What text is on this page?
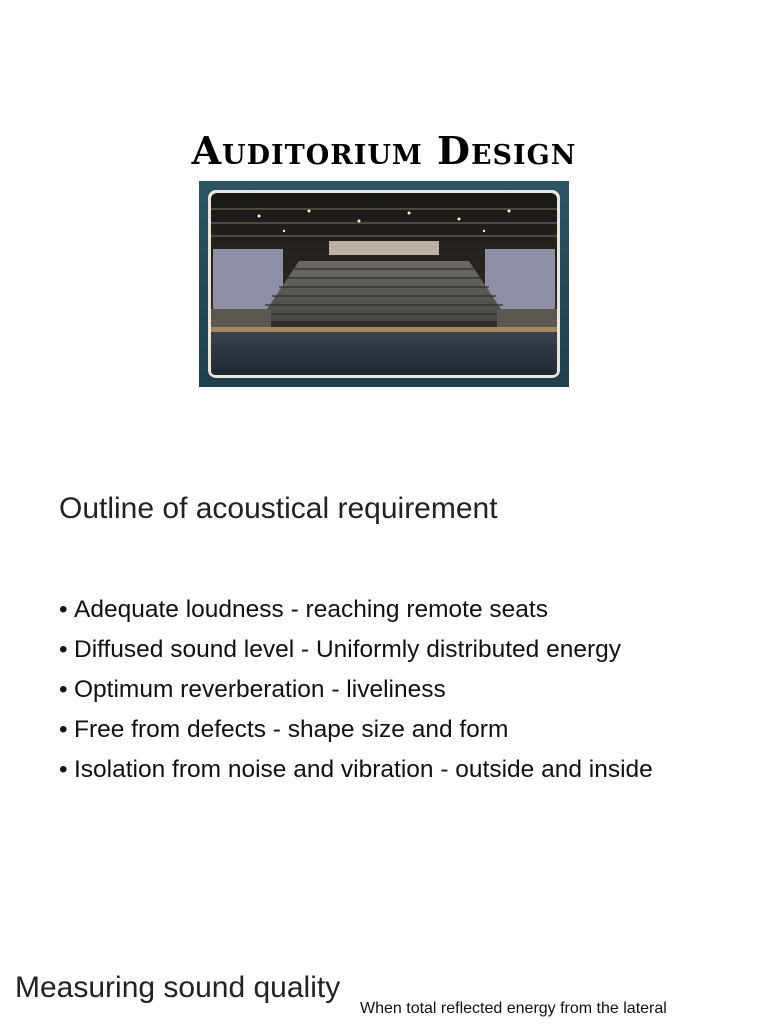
Auditorium Design
Outline of acoustical requirement
• Adequate loudness - reaching remote seats
• Diffused sound level - Uniformly distributed energy
• Optimum reverberation - liveliness
• Free from defects - shape size and form
• Isolation from noise and vibration - outside and inside
Measuring sound quality
When total reflected energy from the lateral
